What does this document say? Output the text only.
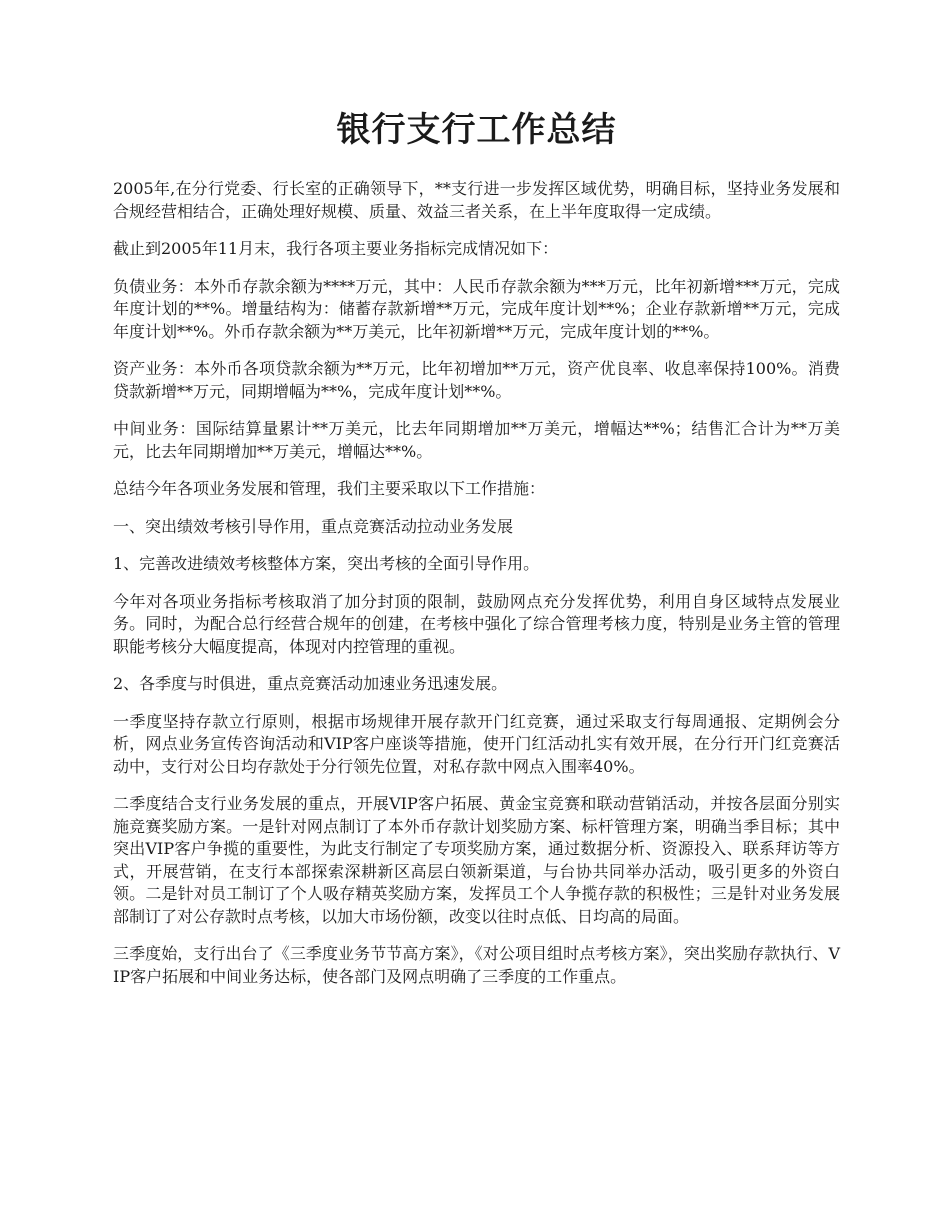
银行支行工作总结

2005年,在分行党委、行长室的正确领导下，**支行进一步发挥区域优势，明确目标，坚持业务发展和合规经营相结合，正确处理好规模、质量、效益三者关系，在上半年度取得一定成绩。

截止到2005年11月末，我行各项主要业务指标完成情况如下：

负债业务：本外币存款余额为****万元，其中：人民币存款余额为***万元，比年初新增***万元，完成年度计划的**%。增量结构为：储蓄存款新增**万元，完成年度计划**%；企业存款新增**万元，完成年度计划**%。外币存款余额为**万美元，比年初新增**万元，完成年度计划的**%。

资产业务：本外币各项贷款余额为**万元，比年初增加**万元，资产优良率、收息率保持100%。消费贷款新增**万元，同期增幅为**%，完成年度计划**%。

中间业务：国际结算量累计**万美元，比去年同期增加**万美元，增幅达**%；结售汇合计为**万美元，比去年同期增加**万美元，增幅达**%。

总结今年各项业务发展和管理，我们主要采取以下工作措施：

一、突出绩效考核引导作用，重点竞赛活动拉动业务发展

1、完善改进绩效考核整体方案，突出考核的全面引导作用。

今年对各项业务指标考核取消了加分封顶的限制，鼓励网点充分发挥优势，利用自身区域特点发展业务。同时，为配合总行经营合规年的创建，在考核中强化了综合管理考核力度，特别是业务主管的管理职能考核分大幅度提高，体现对内控管理的重视。

2、各季度与时俱进，重点竞赛活动加速业务迅速发展。

一季度坚持存款立行原则，根据市场规律开展存款开门红竞赛，通过采取支行每周通报、定期例会分析，网点业务宣传咨询活动和VIP客户座谈等措施，使开门红活动扎实有效开展，在分行开门红竞赛活动中，支行对公日均存款处于分行领先位置，对私存款中网点入围率40%。

二季度结合支行业务发展的重点，开展VIP客户拓展、黄金宝竞赛和联动营销活动，并按各层面分别实施竞赛奖励方案。一是针对网点制订了本外币存款计划奖励方案、标杆管理方案，明确当季目标；其中突出VIP客户争揽的重要性，为此支行制定了专项奖励方案，通过数据分析、资源投入、联系拜访等方式，开展营销，在支行本部探索深耕新区高层白领新渠道，与台协共同举办活动，吸引更多的外资白领。二是针对员工制订了个人吸存精英奖励方案，发挥员工个人争揽存款的积极性；三是针对业务发展部制订了对公存款时点考核，以加大市场份额，改变以往时点低、日均高的局面。

三季度始，支行出台了《三季度业务节节高方案》，《对公项目组时点考核方案》，突出奖励存款执行、VIP客户拓展和中间业务达标，使各部门及网点明确了三季度的工作重点。
